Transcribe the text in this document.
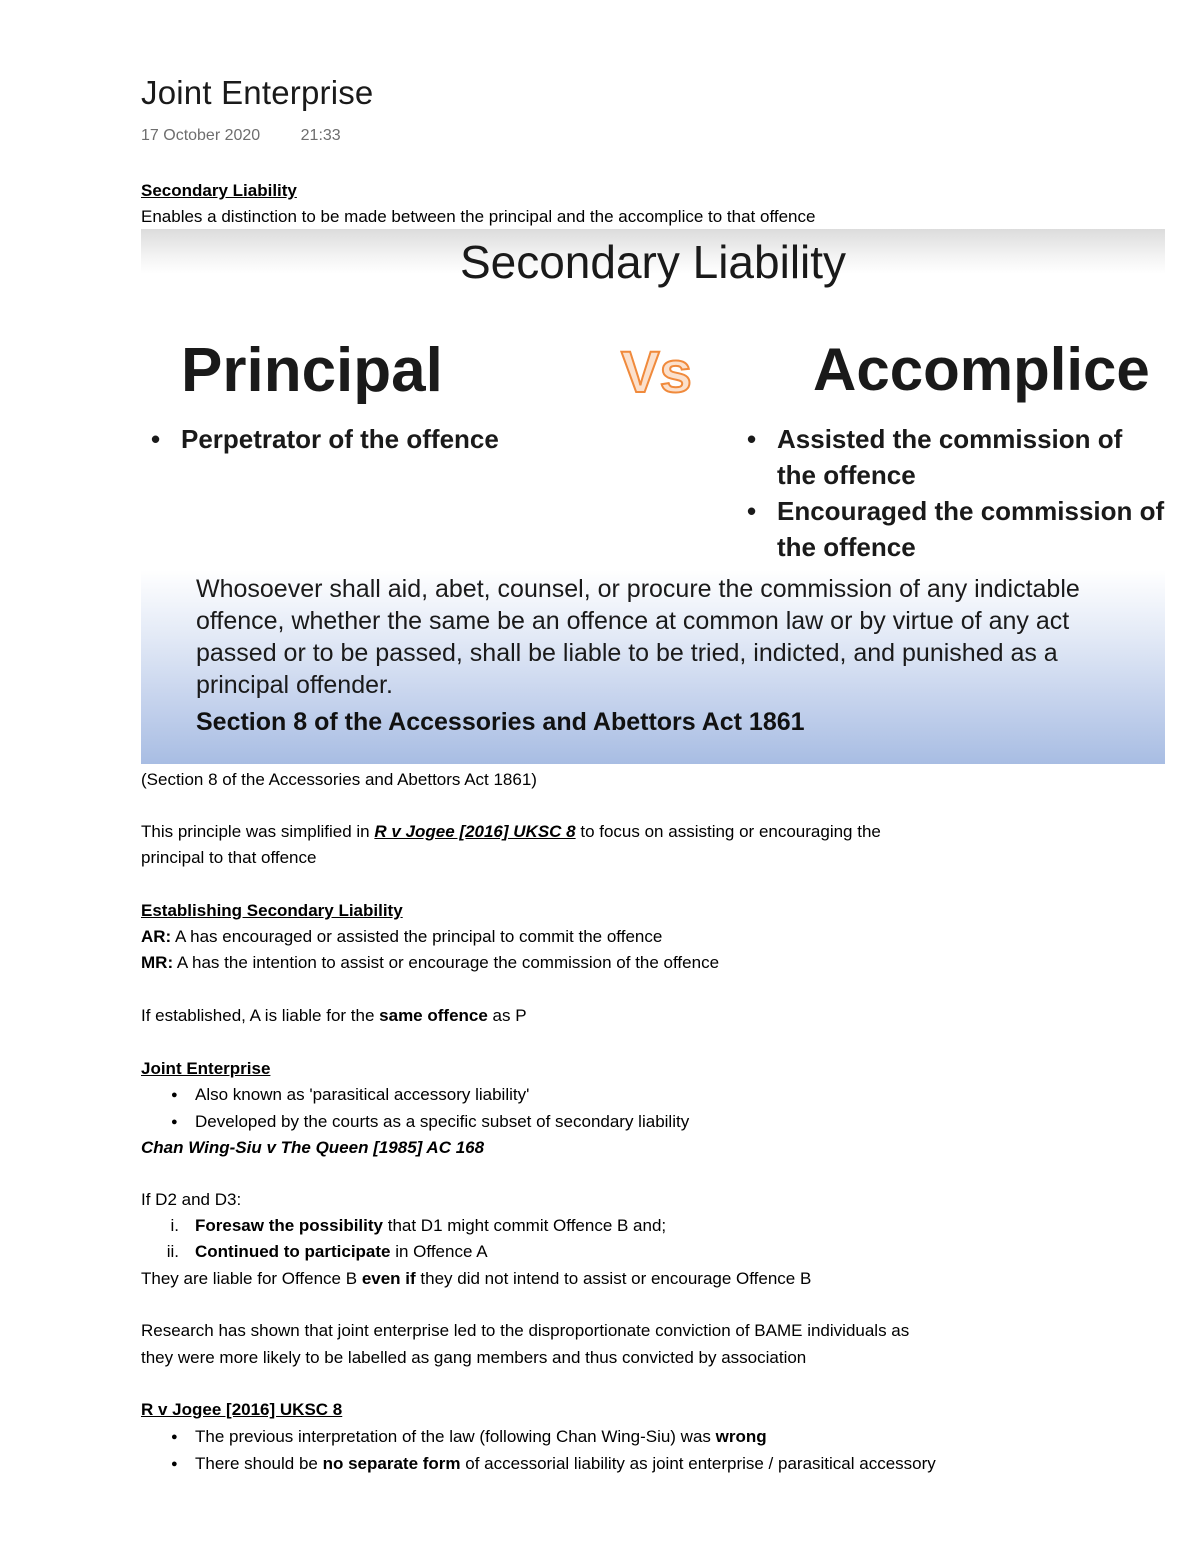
Joint Enterprise
17 October 2020	21:33
Secondary Liability
Enables a distinction to be made between the principal and the accomplice to that offence
Secondary Liability
Principal	Vs Accomplice
• Perpetrator of the offence
•	Assisted the commission of the offence
• Encouraged the commission of the offence
Whosoever shall aid, abet, counsel, or procure the commission of any indictable offence, whether the same be an offence at common law or by virtue of any act passed or to be passed, shall be liable to be tried, indicted, and punished as a principal offender.
Section 8 of the Accessories and Abettors Act 1861
(Section 8 of the Accessories and Abettors Act 1861)
This principle was simplified in R v Jogee [2016] UKSC 8 to focus on assisting or encouraging the
principal to that offence
Establishing Secondary Liability
AR: A has encouraged or assisted the principal to commit the offence
MR: A has the intention to assist or encourage the commission of the offence
If established, A is liable for the same offence as P
Joint Enterprise
● Also known as 'parasitical accessory liability'
● Developed by the courts as a specific subset of secondary liability
Chan Wing-Siu v The Queen [1985] AC 168
If D2 and D3:
i. Foresaw the possibility that D1 might commit Offence B and;
ii. Continued to participate in Offence A
They are liable for Offence B even if they did not intend to assist or encourage Offence B
Research has shown that joint enterprise led to the disproportionate conviction of BAME individuals as
they were more likely to be labelled as gang members and thus convicted by association
R v Jogee [2016] UKSC 8
● The previous interpretation of the law (following Chan Wing-Siu) was wrong
● There should be no separate form of accessorial liability as joint enterprise / parasitical accessory
